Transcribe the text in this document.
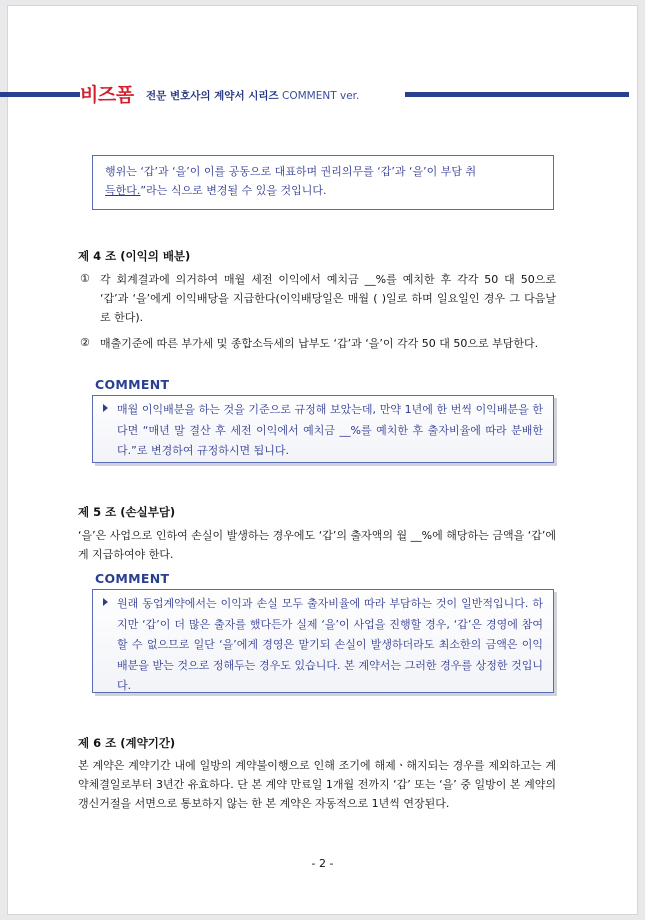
비즈폼 전문 변호사의 계약서 시리즈 COMMENT ver.
행위는 ‘갑’과 ‘을’이 이를 공동으로 대표하며 권리의무를 ‘갑’과 ‘을’이 부담 취
득한다.”라는 식으로 변경될 수 있을 것입니다.
제 4 조 (이익의 배분)
① 각 회계결과에 의거하여 매월 세전 이익에서 예치금 __%를 예치한 후 각각 50 대 50으로 ‘갑’과 ‘을’에게 이익배당을 지급한다(이익배당일은 매월 ( )일로 하며 일요일인 경우 그 다음날로 한다).
② 매출기준에 따른 부가세 및 종합소득세의 납부도 ‘갑’과 ‘을’이 각각 50 대 50으로 부담한다.
COMMENT
매월 이익배분을 하는 것을 기준으로 규정해 보았는데, 만약 1년에 한 번씩 이익배분을 한다면 “매년 말 결산 후 세전 이익에서 예치금 __%를 예치한 후 출자비율에 따라 분배한다.”로 변경하여 규정하시면 됩니다.
제 5 조 (손실부담)
‘을’은 사업으로 인하여 손실이 발생하는 경우에도 ‘갑’의 출자액의 월 __%에 해당하는 금액을 ‘갑’에게 지급하여야 한다.
COMMENT
원래 동업계약에서는 이익과 손실 모두 출자비율에 따라 부담하는 것이 일반적입니다. 하지만 ‘갑’이 더 많은 출자를 했다든가 실제 ‘을’이 사업을 진행할 경우, ‘갑’은 경영에 참여할 수 없으므로 일단 ‘을’에게 경영은 맡기되 손실이 발생하더라도 최소한의 금액은 이익배분을 받는 것으로 정해두는 경우도 있습니다. 본 계약서는 그러한 경우를 상정한 것입니다.
제 6 조 (계약기간)
본 계약은 계약기간 내에 일방의 계약불이행으로 인해 조기에 해제ㆍ해지되는 경우를 제외하고는 계약체결일로부터 3년간 유효하다. 단 본 계약 만료일 1개월 전까지 ‘갑’ 또는 ‘을’ 중 일방이 본 계약의 갱신거절을 서면으로 통보하지 않는 한 본 계약은 자동적으로 1년씩 연장된다.
- 2 -
